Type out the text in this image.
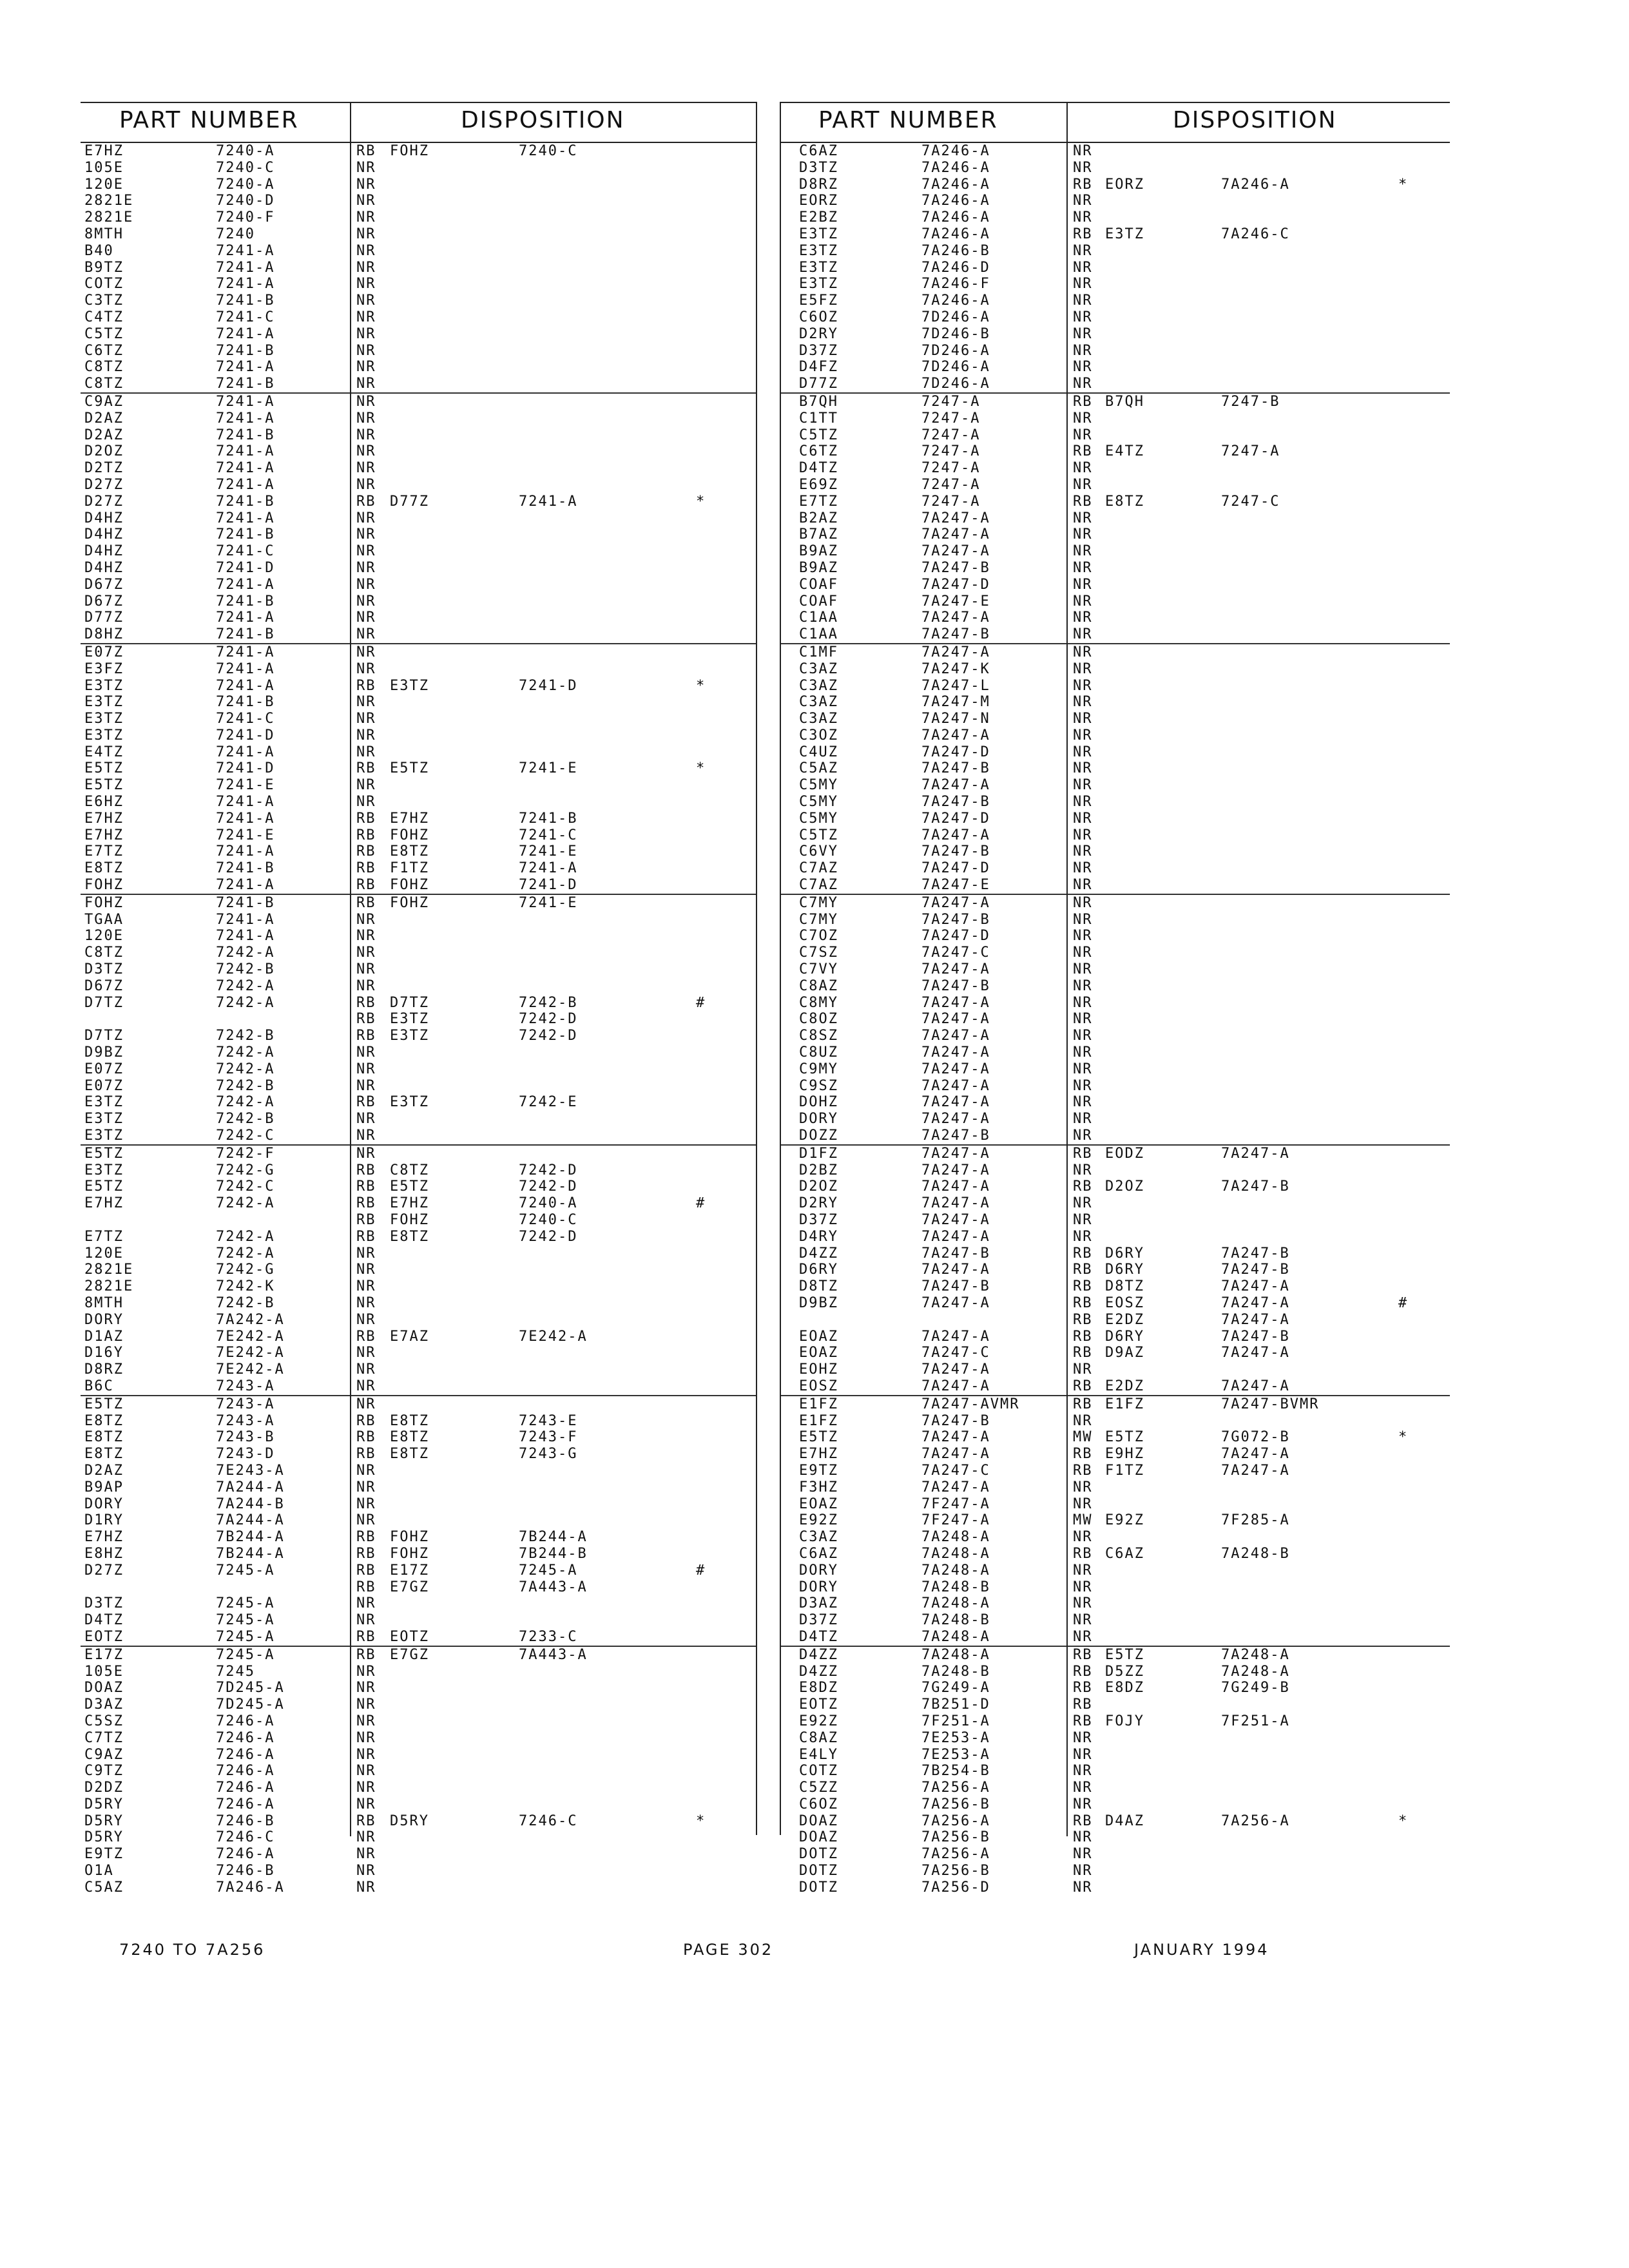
PART NUMBER	DISPOSITION
E7HZ	7240-A	RB FOHZ	7240-C
105E	7240-C	NR
120E	7240-A	NR
2821E	7240-D	NR
2821E	7240-F	NR
8MTH	7240	NR
B40	7241-A	NR
B9TZ	7241-A	NR
COTZ	7241-A	NR
C3TZ	7241-B	NR
C4TZ	7241-C	NR
C5TZ	7241-A	NR
C6TZ	7241-B	NR
C8TZ	7241-A	NR
C8TZ	7241-B	NR
C9AZ	7241-A	NR
D2AZ	7241-A	NR
D2AZ	7241-B	NR
D2OZ	7241-A	NR
D2TZ	7241-A	NR
D27Z	7241-A	NR
D27Z	7241-B	RB D77Z	7241-A	*
D4HZ	7241-A	NR
D4HZ	7241-B	NR
D4HZ	7241-C	NR
D4HZ	7241-D	NR
D67Z	7241-A	NR
D67Z	7241-B	NR
D77Z	7241-A	NR
D8HZ	7241-B	NR
E07Z	7241-A	NR
E3FZ	7241-A	NR
E3TZ	7241-A	RB E3TZ	7241-D	*
E3TZ	7241-B	NR
E3TZ	7241-C	NR
E3TZ	7241-D	NR
E4TZ	7241-A	NR
E5TZ	7241-D	RB E5TZ	7241-E	*
E5TZ	7241-E	NR
E6HZ	7241-A	NR
E7HZ	7241-A	RB E7HZ	7241-B
E7HZ	7241-E	RB FOHZ	7241-C
E7TZ	7241-A	RB E8TZ	7241-E
E8TZ	7241-B	RB F1TZ	7241-A
FOHZ	7241-A	RB FOHZ	7241-D
FOHZ	7241-B	RB FOHZ	7241-E
TGAA	7241-A	NR
120E	7241-A	NR
C8TZ	7242-A	NR
D3TZ	7242-B	NR
D67Z	7242-A	NR
D7TZ	7242-A	RB D7TZ	7242-B	#
RB E3TZ	7242-D
D7TZ	7242-B	RB E3TZ	7242-D
D9BZ	7242-A	NR
E07Z	7242-A	NR
E07Z	7242-B	NR
E3TZ	7242-A	RB E3TZ	7242-E
E3TZ	7242-B	NR
E3TZ	7242-C	NR
E5TZ	7242-F	NR
E3TZ	7242-G	RB C8TZ	7242-D
E5TZ	7242-C	RB E5TZ	7242-D
E7HZ	7242-A	RB E7HZ	7240-A	#
RB FOHZ	7240-C
E7TZ	7242-A	RB E8TZ	7242-D
120E	7242-A	NR
2821E	7242-G	NR
2821E	7242-K	NR
8MTH	7242-B	NR
DORY	7A242-A	NR
D1AZ	7E242-A	RB E7AZ	7E242-A
D16Y	7E242-A	NR
D8RZ	7E242-A	NR
B6C	7243-A	NR
E5TZ	7243-A	NR
E8TZ	7243-A	RB E8TZ	7243-E
E8TZ	7243-B	RB E8TZ	7243-F
E8TZ	7243-D	RB E8TZ	7243-G
D2AZ	7E243-A	NR
B9AP	7A244-A	NR
DORY	7A244-B	NR
D1RY	7A244-A	NR
E7HZ	7B244-A	RB FOHZ	7B244-A
E8HZ	7B244-A	RB FOHZ	7B244-B
D27Z	7245-A	RB E17Z	7245-A	#
RB E7GZ	7A443-A
D3TZ	7245-A	NR
D4TZ	7245-A	NR
EOTZ	7245-A	RB EOTZ	7233-C
E17Z	7245-A	RB E7GZ	7A443-A
105E	7245	NR
DOAZ	7D245-A	NR
D3AZ	7D245-A	NR
C5SZ	7246-A	NR
C7TZ	7246-A	NR
C9AZ	7246-A	NR
C9TZ	7246-A	NR
D2DZ	7246-A	NR
D5RY	7246-A	NR
D5RY	7246-B	RB D5RY	7246-C	*
D5RY	7246-C	NR
E9TZ	7246-A	NR
O1A	7246-B	NR
C5AZ	7A246-A	NR
PART NUMBER	DISPOSITION
C6AZ	7A246-A	NR
D3TZ	7A246-A	NR
D8RZ	7A246-A	RB EORZ	7A246-A	*
EORZ	7A246-A	NR
E2BZ	7A246-A	NR
E3TZ	7A246-A	RB E3TZ	7A246-C
E3TZ	7A246-B	NR
E3TZ	7A246-D	NR
E3TZ	7A246-F	NR
E5FZ	7A246-A	NR
C6OZ	7D246-A	NR
D2RY	7D246-B	NR
D37Z	7D246-A	NR
D4FZ	7D246-A	NR
D77Z	7D246-A	NR
B7QH	7247-A	RB B7QH	7247-B
C1TT	7247-A	NR
C5TZ	7247-A	NR
C6TZ	7247-A	RB E4TZ	7247-A
D4TZ	7247-A	NR
E69Z	7247-A	NR
E7TZ	7247-A	RB E8TZ	7247-C
B2AZ	7A247-A	NR
B7AZ	7A247-A	NR
B9AZ	7A247-A	NR
B9AZ	7A247-B	NR
COAF	7A247-D	NR
COAF	7A247-E	NR
C1AA	7A247-A	NR
C1AA	7A247-B	NR
C1MF	7A247-A	NR
C3AZ	7A247-K	NR
C3AZ	7A247-L	NR
C3AZ	7A247-M	NR
C3AZ	7A247-N	NR
C3OZ	7A247-A	NR
C4UZ	7A247-D	NR
C5AZ	7A247-B	NR
C5MY	7A247-A	NR
C5MY	7A247-B	NR
C5MY	7A247-D	NR
C5TZ	7A247-A	NR
C6VY	7A247-B	NR
C7AZ	7A247-D	NR
C7AZ	7A247-E	NR
C7MY	7A247-A	NR
C7MY	7A247-B	NR
C7OZ	7A247-D	NR
C7SZ	7A247-C	NR
C7VY	7A247-A	NR
C8AZ	7A247-B	NR
C8MY	7A247-A	NR
C8OZ	7A247-A	NR
C8SZ	7A247-A	NR
C8UZ	7A247-A	NR
C9MY	7A247-A	NR
C9SZ	7A247-A	NR
DOHZ	7A247-A	NR
DORY	7A247-A	NR
DOZZ	7A247-B	NR
D1FZ	7A247-A	RB EODZ	7A247-A
D2BZ	7A247-A	NR
D2OZ	7A247-A	RB D2OZ	7A247-B
D2RY	7A247-A	NR
D37Z	7A247-A	NR
D4RY	7A247-A	NR
D4ZZ	7A247-B	RB D6RY	7A247-B
D6RY	7A247-A	RB D6RY	7A247-B
D8TZ	7A247-B	RB D8TZ	7A247-A
D9BZ	7A247-A	RB EOSZ	7A247-A	#
RB E2DZ	7A247-A
EOAZ	7A247-A	RB D6RY	7A247-B
EOAZ	7A247-C	RB D9AZ	7A247-A
EOHZ	7A247-A	NR
EOSZ	7A247-A	RB E2DZ	7A247-A
E1FZ	7A247-AVMR	RB E1FZ	7A247-BVMR
E1FZ	7A247-B	NR
E5TZ	7A247-A	MW E5TZ	7G072-B	*
E7HZ	7A247-A	RB E9HZ	7A247-A
E9TZ	7A247-C	RB F1TZ	7A247-A
F3HZ	7A247-A	NR
EOAZ	7F247-A	NR
E92Z	7F247-A	MW E92Z	7F285-A
C3AZ	7A248-A	NR
C6AZ	7A248-A	RB C6AZ	7A248-B
DORY	7A248-A	NR
DORY	7A248-B	NR
D3AZ	7A248-A	NR
D37Z	7A248-B	NR
D4TZ	7A248-A	NR
D4ZZ	7A248-A	RB E5TZ	7A248-A
D4ZZ	7A248-B	RB D5ZZ	7A248-A
E8DZ	7G249-A	RB E8DZ	7G249-B
EOTZ	7B251-D	RB
E92Z	7F251-A	RB FOJY	7F251-A
C8AZ	7E253-A	NR
E4LY	7E253-A	NR
COTZ	7B254-B	NR
C5ZZ	7A256-A	NR
C6OZ	7A256-B	NR
DOAZ	7A256-A	RB D4AZ	7A256-A	*
DOAZ	7A256-B	NR
DOTZ	7A256-A	NR
DOTZ	7A256-B	NR
DOTZ	7A256-D	NR
7240 TO 7A256	PAGE 302	JANUARY 1994
